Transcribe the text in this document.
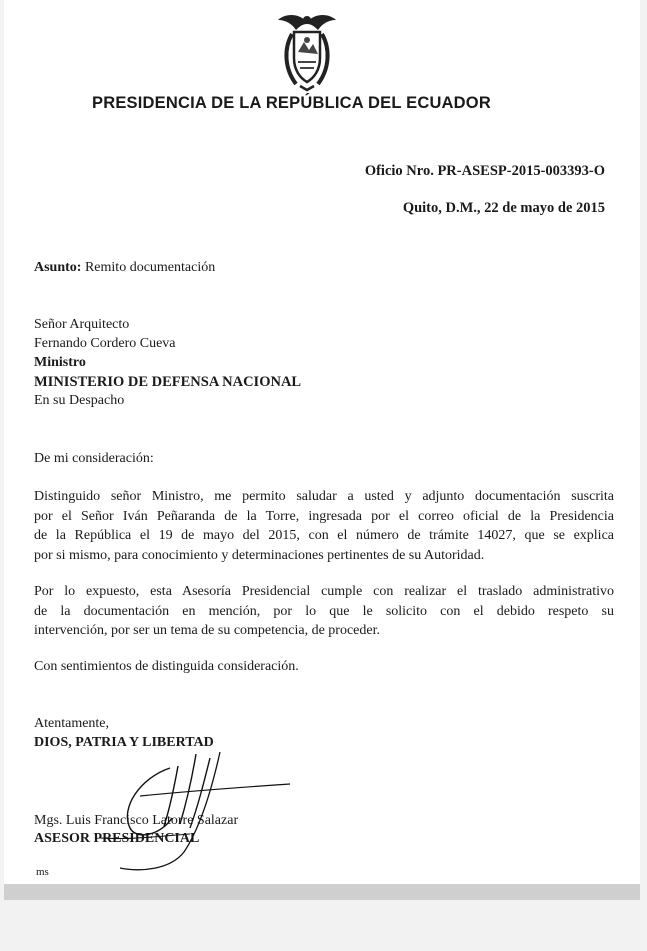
PRESIDENCIA DE LA REPÚBLICA DEL ECUADOR
Oficio Nro. PR-ASESP-2015-003393-O
Quito, D.M., 22 de mayo de 2015
Asunto: Remito documentación
Señor Arquitecto
Fernando Cordero Cueva
Ministro
MINISTERIO DE DEFENSA NACIONAL
En su Despacho
De mi consideración:
Distinguido señor Ministro, me permito saludar a usted y adjunto documentación suscrita
por el Señor Iván Peñaranda de la Torre, ingresada por el correo oficial de la Presidencia
de la República el 19 de mayo del 2015, con el número de trámite 14027, que se explica
por si mismo, para conocimiento y determinaciones pertinentes de su Autoridad.
Por lo expuesto, esta Asesoría Presidencial cumple con realizar el traslado administrativo
de la documentación en mención, por lo que le solicito con el debido respeto su
intervención, por ser un tema de su competencia, de proceder.
Con sentimientos de distinguida consideración.
Atentamente,
DIOS, PATRIA Y LIBERTAD
Mgs. Luis Francisco Latorre Salazar
ASESOR PRESIDENCIAL
ms
